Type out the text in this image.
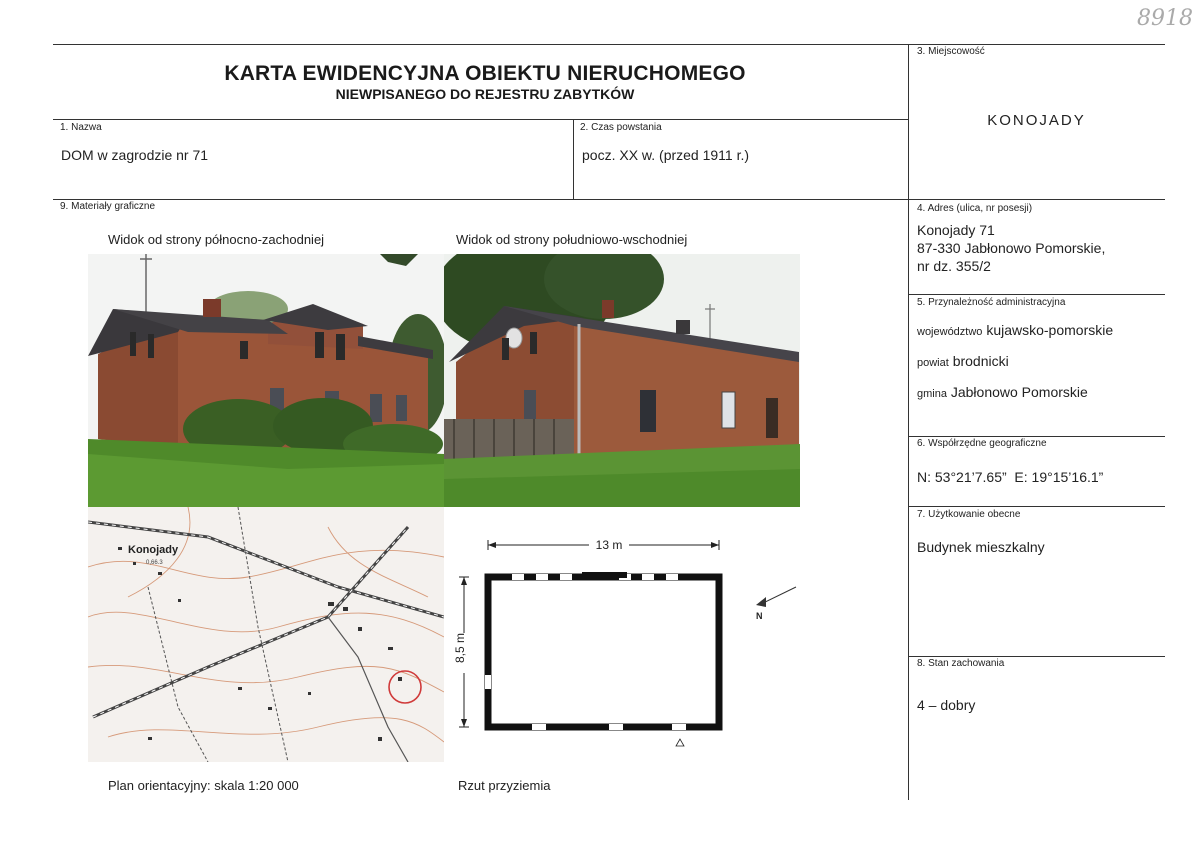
8918
KARTA EWIDENCYJNA OBIEKTU NIERUCHOMEGO
NIEWPISANEGO DO REJESTRU ZABYTKÓW
1. Nazwa
DOM w zagrodzie nr 71
2. Czas powstania
pocz. XX w. (przed 1911 r.)
3. Miejscowość
KONOJADY
4. Adres (ulica, nr posesji)
Konojady 71
87-330 Jabłonowo Pomorskie,
nr dz. 355/2
5. Przynależność administracyjna
województwo kujawsko-pomorskie
powiat brodnicki
gmina Jabłonowo Pomorskie
6. Współrzędne geograficzne
N: 53°21’7.65”  E: 19°15’16.1”
7. Użytkowanie obecne
Budynek mieszkalny
8. Stan zachowania
4 – dobry
9. Materiały graficzne
Widok od strony północno-zachodniej	Widok od strony południowo-wschodniej
Konojady
0,66.3
13 m
8,5 m
N
Plan orientacyjny: skala 1:20 000	Rzut przyziemia
